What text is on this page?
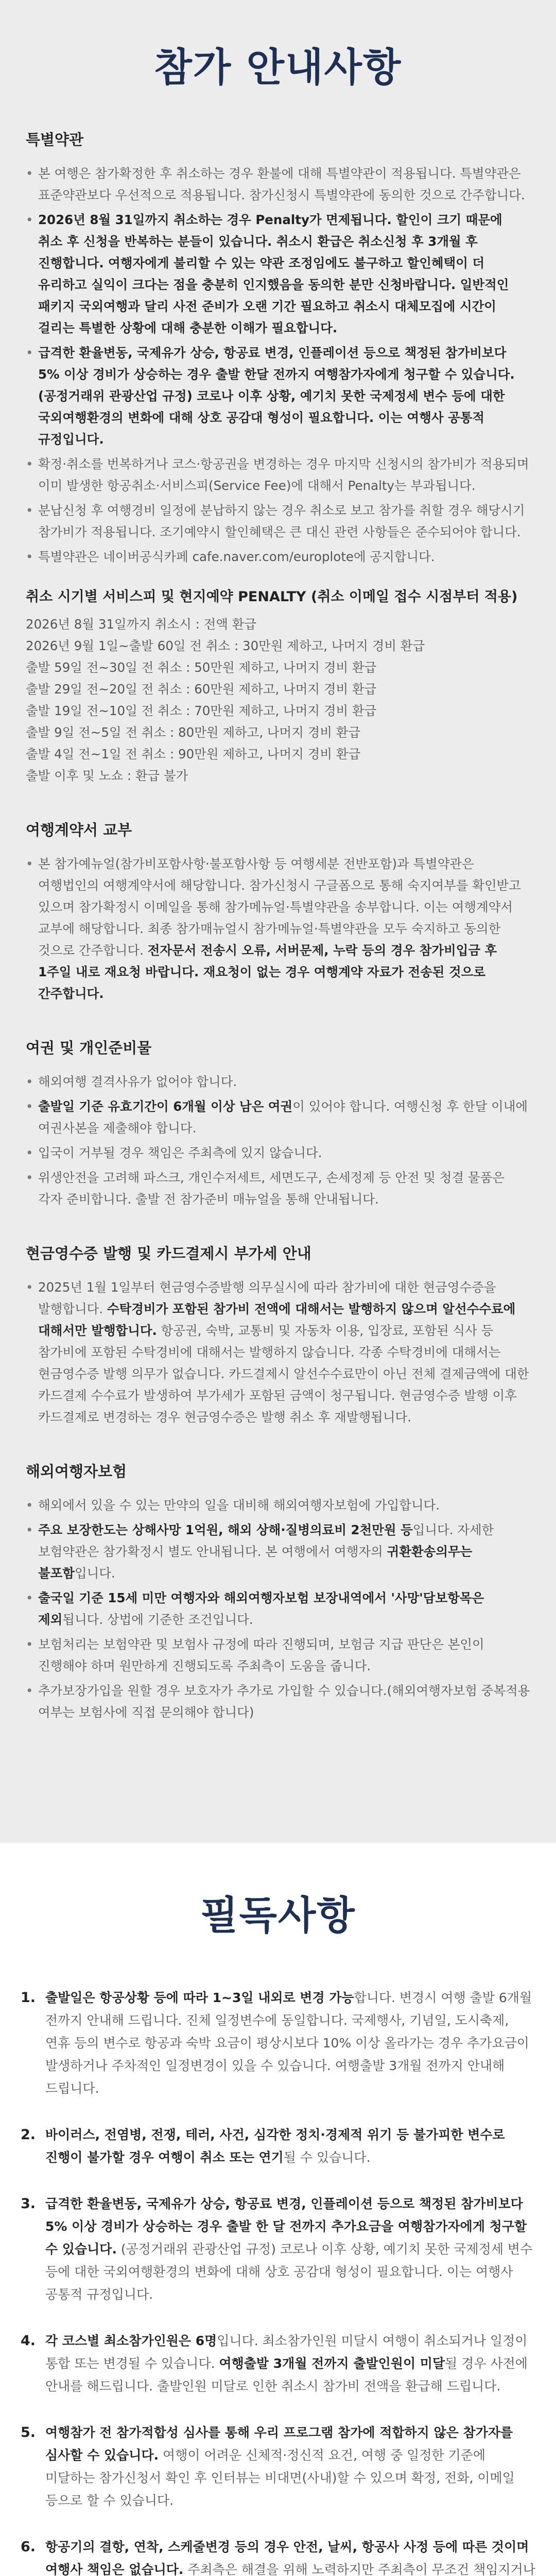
참가 안내사항
특별약관
• 본 여행은 참가확정한 후 취소하는 경우 환불에 대해 특별약관이 적용됩니다. 특별약관은 표준약관보다 우선적으로 적용됩니다. 참가신청시 특별약관에 동의한 것으로 간주합니다.
• 2026년 8월 31일까지 취소하는 경우 Penalty가 면제됩니다. 할인이 크기 때문에 취소 후 신청을 반복하는 분들이 있습니다. 취소시 환급은 취소신청 후 3개월 후 진행합니다. 여행자에게 불리할 수 있는 약관 조정임에도 불구하고 할인혜택이 더 유리하고 실익이 크다는 점을 충분히 인지했음을 동의한 분만 신청바랍니다. 일반적인 패키지 국외여행과 달리 사전 준비가 오랜 기간 필요하고 취소시 대체모집에 시간이 걸리는 특별한 상황에 대해 충분한 이해가 필요합니다.
• 급격한 환율변동, 국제유가 상승, 항공료 변경, 인플레이션 등으로 책정된 참가비보다 5% 이상 경비가 상승하는 경우 출발 한달 전까지 여행참가자에게 청구할 수 있습니다. (공정거래위 관광산업 규정) 코로나 이후 상황, 예기치 못한 국제정세 변수 등에 대한 국외여행환경의 변화에 대해 상호 공감대 형성이 필요합니다. 이는 여행사 공통적 규정입니다.
• 확정·취소를 번복하거나 코스·항공권을 변경하는 경우 마지막 신청시의 참가비가 적용되며 이미 발생한 항공취소·서비스피(Service Fee)에 대해서 Penalty는 부과됩니다.
• 분납신청 후 여행경비 일정에 분납하지 않는 경우 취소로 보고 참가를 취할 경우 해당시기 참가비가 적용됩니다. 조기예약시 할인혜택은 큰 대신 관련 사항들은 준수되어야 합니다.
• 특별약관은 네이버공식카페 cafe.naver.com/europlote에 공지합니다.
취소 시기별 서비스피 및 현지예약 PENALTY (취소 이메일 접수 시점부터 적용)
2026년 8월 31일까지 취소시 : 전액 환급
2026년 9월 1일~출발 60일 전 취소 : 30만원 제하고, 나머지 경비 환급
출발 59일 전~30일 전 취소 : 50만원 제하고, 나머지 경비 환급
출발 29일 전~20일 전 취소 : 60만원 제하고, 나머지 경비 환급
출발 19일 전~10일 전 취소 : 70만원 제하고, 나머지 경비 환급
출발 9일 전~5일 전 취소 : 80만원 제하고, 나머지 경비 환급
출발 4일 전~1일 전 취소 : 90만원 제하고, 나머지 경비 환급
출발 이후 및 노쇼 : 환급 불가
여행계약서 교부
• 본 참가예뉴얼(참가비포함사항·불포함사항 등 여행세분 전반포함)과 특별약관은 여행법인의 여행계약서에 해당합니다. 참가신청시 구글폼으로 통해 숙지여부를 확인받고 있으며 참가확정시 이메일을 통해 참가메뉴얼·특별약관을 송부합니다. 이는 여행계약서 교부에 해당합니다. 최종 참가매뉴얼시 참가메뉴얼·특별약관을 모두 숙지하고 동의한 것으로 간주합니다. 전자문서 전송시 오류, 서버문제, 누락 등의 경우 참가비입금 후 1주일 내로 재요청 바랍니다. 재요청이 없는 경우 여행계약 자료가 전송된 것으로 간주합니다.
여권 및 개인준비물
• 해외여행 결격사유가 없어야 합니다.
• 출발일 기준 유효기간이 6개월 이상 남은 여권이 있어야 합니다. 여행신청 후 한달 이내에 여권사본을 제출해야 합니다.
• 입국이 거부될 경우 책임은 주최측에 있지 않습니다.
• 위생안전을 고려해 파스크, 개인수저세트, 세면도구, 손세정제 등 안전 및 청결 물품은 각자 준비합니다. 출발 전 참가준비 매뉴얼을 통해 안내됩니다.
현금영수증 발행 및 카드결제시 부가세 안내
• 2025년 1월 1일부터 현금영수증발행 의무실시에 따라 참가비에 대한 현금영수증을 발행합니다. 수탁경비가 포함된 참가비 전액에 대해서는 발행하지 않으며 알선수수료에 대해서만 발행합니다. 항공권, 숙박, 교통비 및 자동차 이용, 입장료, 포함된 식사 등 참가비에 포함된 수탁경비에 대해서는 발행하지 않습니다. 각종 수탁경비에 대해서는 현금영수증 발행 의무가 없습니다. 카드결제시 알선수수료만이 아닌 전체 결제금액에 대한 카드결제 수수료가 발생하여 부가세가 포함된 금액이 청구됩니다. 현금영수증 발행 이후 카드결제로 변경하는 경우 현금영수증은 발행 취소 후 재발행됩니다.
해외여행자보험
• 해외에서 있을 수 있는 만약의 일을 대비해 해외여행자보험에 가입합니다.
• 주요 보장한도는 상해사망 1억원, 해외 상해·질병의료비 2천만원 등입니다. 자세한 보험약관은 참가확정시 별도 안내됩니다. 본 여행에서 여행자의 귀환환송의무는 불포함입니다.
• 출국일 기준 15세 미만 여행자와 해외여행자보험 보장내역에서 '사망'담보항목은 제외됩니다. 상법에 기준한 조건입니다.
• 보험처리는 보험약관 및 보험사 규정에 따라 진행되며, 보험금 지급 판단은 본인이 진행해야 하며 원만하게 진행되도록 주최측이 도움을 줍니다.
• 추가보장가입을 원할 경우 보호자가 추가로 가입할 수 있습니다.(해외여행자보험 중복적용 여부는 보험사에 직접 문의해야 합니다)
필독사항
1. 출발일은 항공상황 등에 따라 1~3일 내외로 변경 가능합니다. 변경시 여행 출발 6개월 전까지 안내해 드립니다. 진체 일정변수에 동일합니다. 국제행사, 기념일, 도시축제, 연휴 등의 변수로 항공과 숙박 요금이 평상시보다 10% 이상 올라가는 경우 추가요금이 발생하거나 주차적인 일정변경이 있을 수 있습니다. 여행출발 3개월 전까지 안내해 드립니다.
2. 바이러스, 전염병, 전쟁, 테러, 사건, 심각한 정치·경제적 위기 등 불가피한 변수로 진행이 불가할 경우 여행이 취소 또는 연기될 수 있습니다.
3. 급격한 환율변동, 국제유가 상승, 항공료 변경, 인플레이션 등으로 책정된 참가비보다 5% 이상 경비가 상승하는 경우 출발 한 달 전까지 추가요금을 여행참가자에게 청구할 수 있습니다. (공정거래위 관광산업 규정) 코로나 이후 상황, 예기치 못한 국제정세 변수 등에 대한 국외여행환경의 변화에 대해 상호 공감대 형성이 필요합니다. 이는 여행사 공통적 규정입니다.
4. 각 코스별 최소참가인원은 6명입니다. 최소참가인원 미달시 여행이 취소되거나 일정이 통합 또는 변경될 수 있습니다. 여행출발 3개월 전까지 출발인원이 미달될 경우 사전에 안내를 해드립니다. 출발인원 미달로 인한 취소시 참가비 전액을 환급해 드립니다.
5. 여행참가 전 참가적합성 심사를 통해 우리 프로그램 참가에 적합하지 않은 참가자를 심사할 수 있습니다. 여행이 어려운 신체적·정신적 요건, 여행 중 일정한 기준에 미달하는 참가신청서 확인 후 인터뷰는 비대면(사내)할 수 있으며 확정, 전화, 이메일 등으로 할 수 있습니다.
6. 항공기의 결항, 연착, 스케줄변경 등의 경우 안전, 날씨, 항공사 사정 등에 따른 것이며 여행사 책임은 없습니다. 주최측은 해결을 위해 노력하지만 주최측이 무조건 책임지거나
